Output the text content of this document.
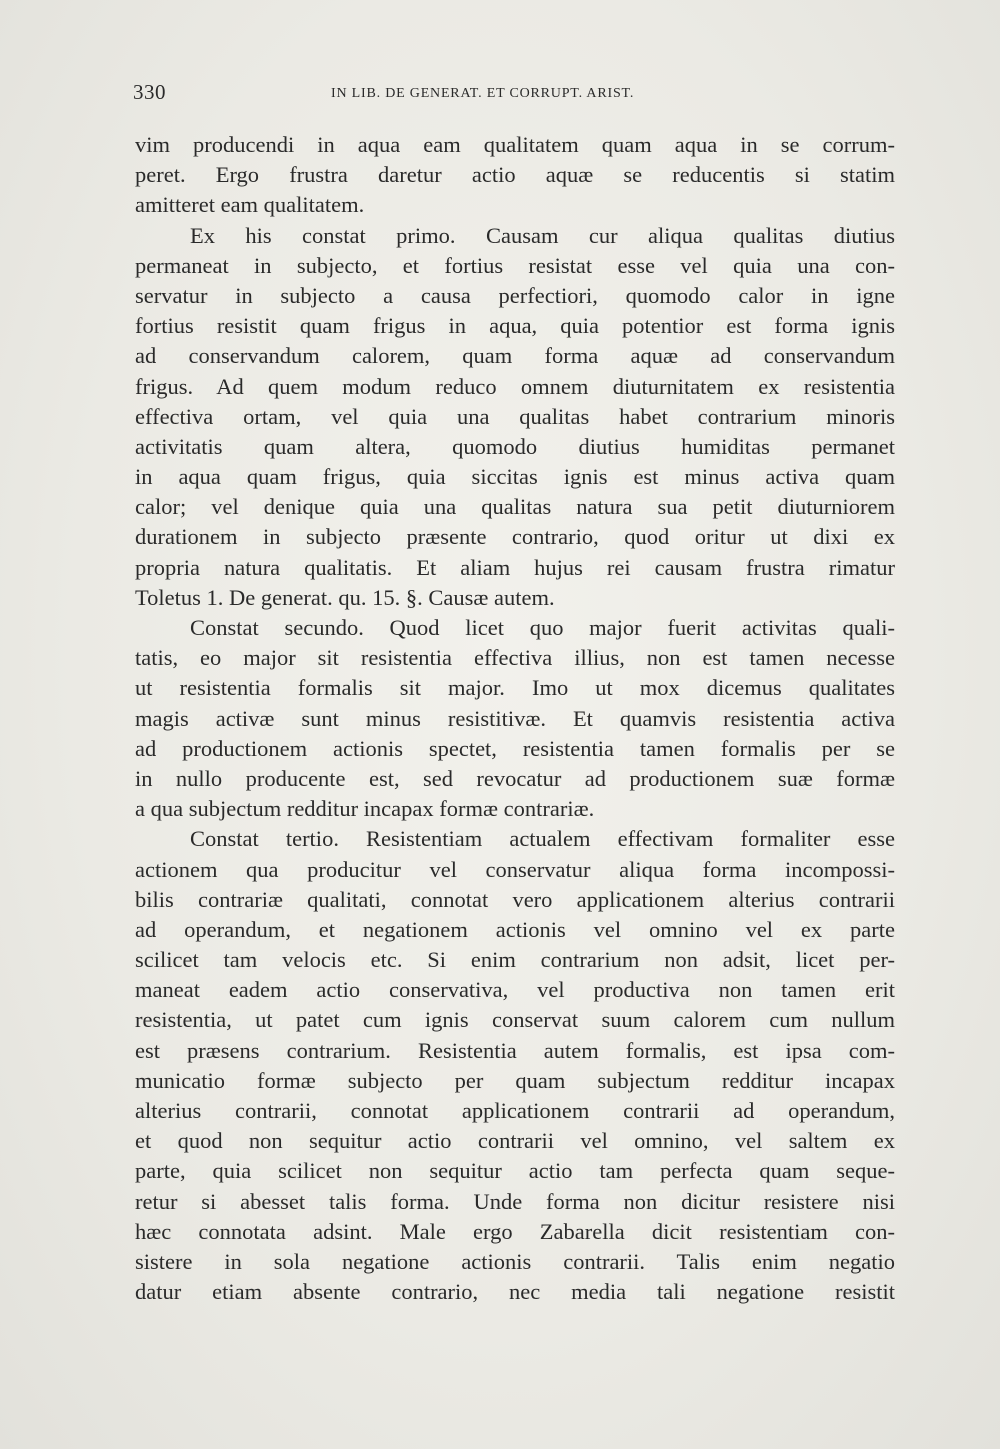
330	IN LIB. DE GENERAT. ET CORRUPT. ARIST.
vim producendi in aqua eam qualitatem quam aqua in se corrum-
peret. Ergo frustra daretur actio aquæ se reducentis si statim
amitteret eam qualitatem.
Ex his constat primo. Causam cur aliqua qualitas diutius
permaneat in subjecto, et fortius resistat esse vel quia una con-
servatur in subjecto a causa perfectiori, quomodo calor in igne
fortius resistit quam frigus in aqua, quia potentior est forma ignis
ad conservandum calorem, quam forma aquæ ad conservandum
frigus. Ad quem modum reduco omnem diuturnitatem ex resistentia
effectiva ortam, vel quia una qualitas habet contrarium minoris
activitatis quam altera, quomodo diutius humiditas permanet
in aqua quam frigus, quia siccitas ignis est minus activa quam
calor; vel denique quia una qualitas natura sua petit diuturniorem
durationem in subjecto præsente contrario, quod oritur ut dixi ex
propria natura qualitatis. Et aliam hujus rei causam frustra rimatur
Toletus 1. De generat. qu. 15. §. Causæ autem.
Constat secundo. Quod licet quo major fuerit activitas quali-
tatis, eo major sit resistentia effectiva illius, non est tamen necesse
ut resistentia formalis sit major. Imo ut mox dicemus qualitates
magis activæ sunt minus resistitivæ. Et quamvis resistentia activa
ad productionem actionis spectet, resistentia tamen formalis per se
in nullo producente est, sed revocatur ad productionem suæ formæ
a qua subjectum redditur incapax formæ contrariæ.
Constat tertio. Resistentiam actualem effectivam formaliter esse
actionem qua producitur vel conservatur aliqua forma incompossi-
bilis contrariæ qualitati, connotat vero applicationem alterius contrarii
ad operandum, et negationem actionis vel omnino vel ex parte
scilicet tam velocis etc. Si enim contrarium non adsit, licet per-
maneat eadem actio conservativa, vel productiva non tamen erit
resistentia, ut patet cum ignis conservat suum calorem cum nullum
est præsens contrarium. Resistentia autem formalis, est ipsa com-
municatio formæ subjecto per quam subjectum redditur incapax
alterius contrarii, connotat applicationem contrarii ad operandum,
et quod non sequitur actio contrarii vel omnino, vel saltem ex
parte, quia scilicet non sequitur actio tam perfecta quam seque-
retur si abesset talis forma. Unde forma non dicitur resistere nisi
hæc connotata adsint. Male ergo Zabarella dicit resistentiam con-
sistere in sola negatione actionis contrarii. Talis enim negatio
datur etiam absente contrario, nec media tali negatione resistit
